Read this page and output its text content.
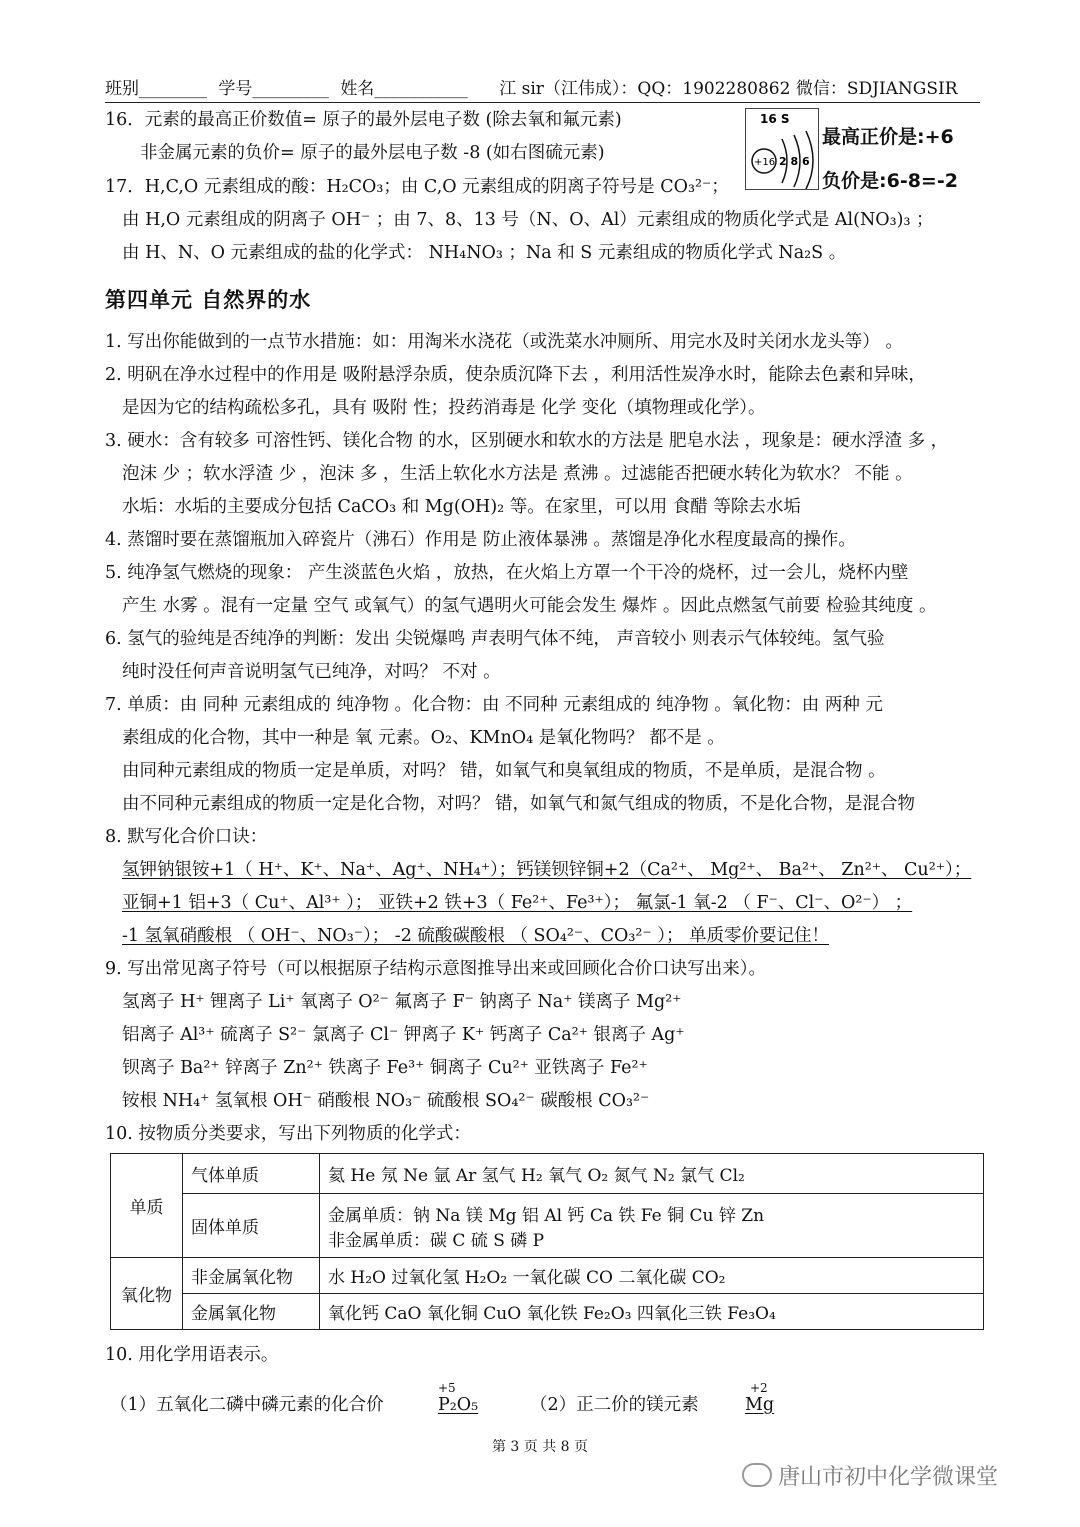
班别________ 学号_________ 姓名___________ 江 sir（江伟成）：QQ：1902280862 微信：SDJIANGSIR
16．元素的最高正价数值= 原子的最外层电子数 (除去氧和氟元素)
非金属元素的负价= 原子的最外层电子数 -8 (如右图硫元素)
16 S
+16 2 8 6
最高正价是:+6
负价是:6-8=-2
17．H,C,O 元素组成的酸：H₂CO₃；由 C,O 元素组成的阴离子符号是 CO₃²⁻；
由 H,O 元素组成的阴离子 OH⁻ ；由 7、8、13 号（N、O、Al）元素组成的物质化学式是 Al(NO₃)₃ ；
由 H、N、O 元素组成的盐的化学式： NH₄NO₃ ；Na 和 S 元素组成的物质化学式 Na₂S 。
第四单元 自然界的水
1. 写出你能做到的一点节水措施：如：用淘米水浇花（或洗菜水冲厕所、用完水及时关闭水龙头等） 。
2. 明矾在净水过程中的作用是 吸附悬浮杂质，使杂质沉降下去 ，利用活性炭净水时，能除去色素和异味，
是因为它的结构疏松多孔，具有 吸附 性；投药消毒是 化学 变化（填物理或化学）。
3. 硬水：含有较多 可溶性钙、镁化合物 的水，区别硬水和软水的方法是 肥皂水法 ，现象是：硬水浮渣 多 ，
泡沫 少 ；软水浮渣 少 ，泡沫 多 ，生活上软化水方法是 煮沸 。过滤能否把硬水转化为软水？ 不能 。
水垢：水垢的主要成分包括 CaCO₃ 和 Mg(OH)₂ 等。在家里，可以用 食醋 等除去水垢
4. 蒸馏时要在蒸馏瓶加入碎瓷片（沸石）作用是 防止液体暴沸 。蒸馏是净化水程度最高的操作。
5. 纯净氢气燃烧的现象： 产生淡蓝色火焰 ，放热，在火焰上方罩一个干冷的烧杯，过一会儿，烧杯内壁
产生 水雾 。混有一定量 空气 或氧气）的氢气遇明火可能会发生 爆炸 。因此点燃氢气前要 检验其纯度 。
6. 氢气的验纯是否纯净的判断：发出 尖锐爆鸣 声表明气体不纯， 声音较小 则表示气体较纯。氢气验
纯时没任何声音说明氢气已纯净，对吗？ 不对 。
7. 单质：由 同种 元素组成的 纯净物 。化合物：由 不同种 元素组成的 纯净物 。氧化物：由 两种 元
素组成的化合物，其中一种是 氧 元素。O₂、KMnO₄ 是氧化物吗？ 都不是 。
由同种元素组成的物质一定是单质，对吗？ 错，如氧气和臭氧组成的物质，不是单质，是混合物 。
由不同种元素组成的物质一定是化合物，对吗？ 错，如氧气和氮气组成的物质，不是化合物，是混合物
8. 默写化合价口诀：
氢钾钠银铵+1（ H⁺、K⁺、Na⁺、Ag⁺、NH₄⁺）；钙镁钡锌铜+2（Ca²⁺、 Mg²⁺、 Ba²⁺、 Zn²⁺、 Cu²⁺）；
亚铜+1 铝+3（ Cu⁺、Al³⁺ ）； 亚铁+2 铁+3（ Fe²⁺、Fe³⁺）； 氟氯-1 氧-2 （ F⁻、Cl⁻、O²⁻） ；
-1 氢氧硝酸根 （ OH⁻、NO₃⁻）； -2 硫酸碳酸根 （ SO₄²⁻、CO₃²⁻ ）； 单质零价要记住！
9. 写出常见离子符号（可以根据原子结构示意图推导出来或回顾化合价口诀写出来）。
氢离子 H⁺ 锂离子 Li⁺ 氧离子 O²⁻ 氟离子 F⁻ 钠离子 Na⁺ 镁离子 Mg²⁺
铝离子 Al³⁺ 硫离子 S²⁻ 氯离子 Cl⁻ 钾离子 K⁺ 钙离子 Ca²⁺ 银离子 Ag⁺
钡离子 Ba²⁺ 锌离子 Zn²⁺ 铁离子 Fe³⁺ 铜离子 Cu²⁺ 亚铁离子 Fe²⁺
铵根 NH₄⁺ 氢氧根 OH⁻ 硝酸根 NO₃⁻ 硫酸根 SO₄²⁻ 碳酸根 CO₃²⁻
10. 按物质分类要求，写出下列物质的化学式：
单质	气体单质	氦 He 氖 Ne 氩 Ar 氢气 H₂ 氧气 O₂ 氮气 N₂ 氯气 Cl₂
	固体单质	金属单质：钠 Na 镁 Mg 铝 Al 钙 Ca 铁 Fe 铜 Cu 锌 Zn
非金属单质：碳 C 硫 S 磷 P

氧化物	非金属氧化物	水 H₂O 过氧化氢 H₂O₂ 一氧化碳 CO 二氧化碳 CO₂
	金属氧化物	氧化钙 CaO 氧化铜 CuO 氧化铁 Fe₂O₃ 四氧化三铁 Fe₃O₄
10. 用化学用语表示。
（1）五氧化二磷中磷元素的化合价
+5
P₂O₅	（2）正二价的镁元素
+2
Mg
第 3 页 共 8 页
唐山市初中化学微课堂
